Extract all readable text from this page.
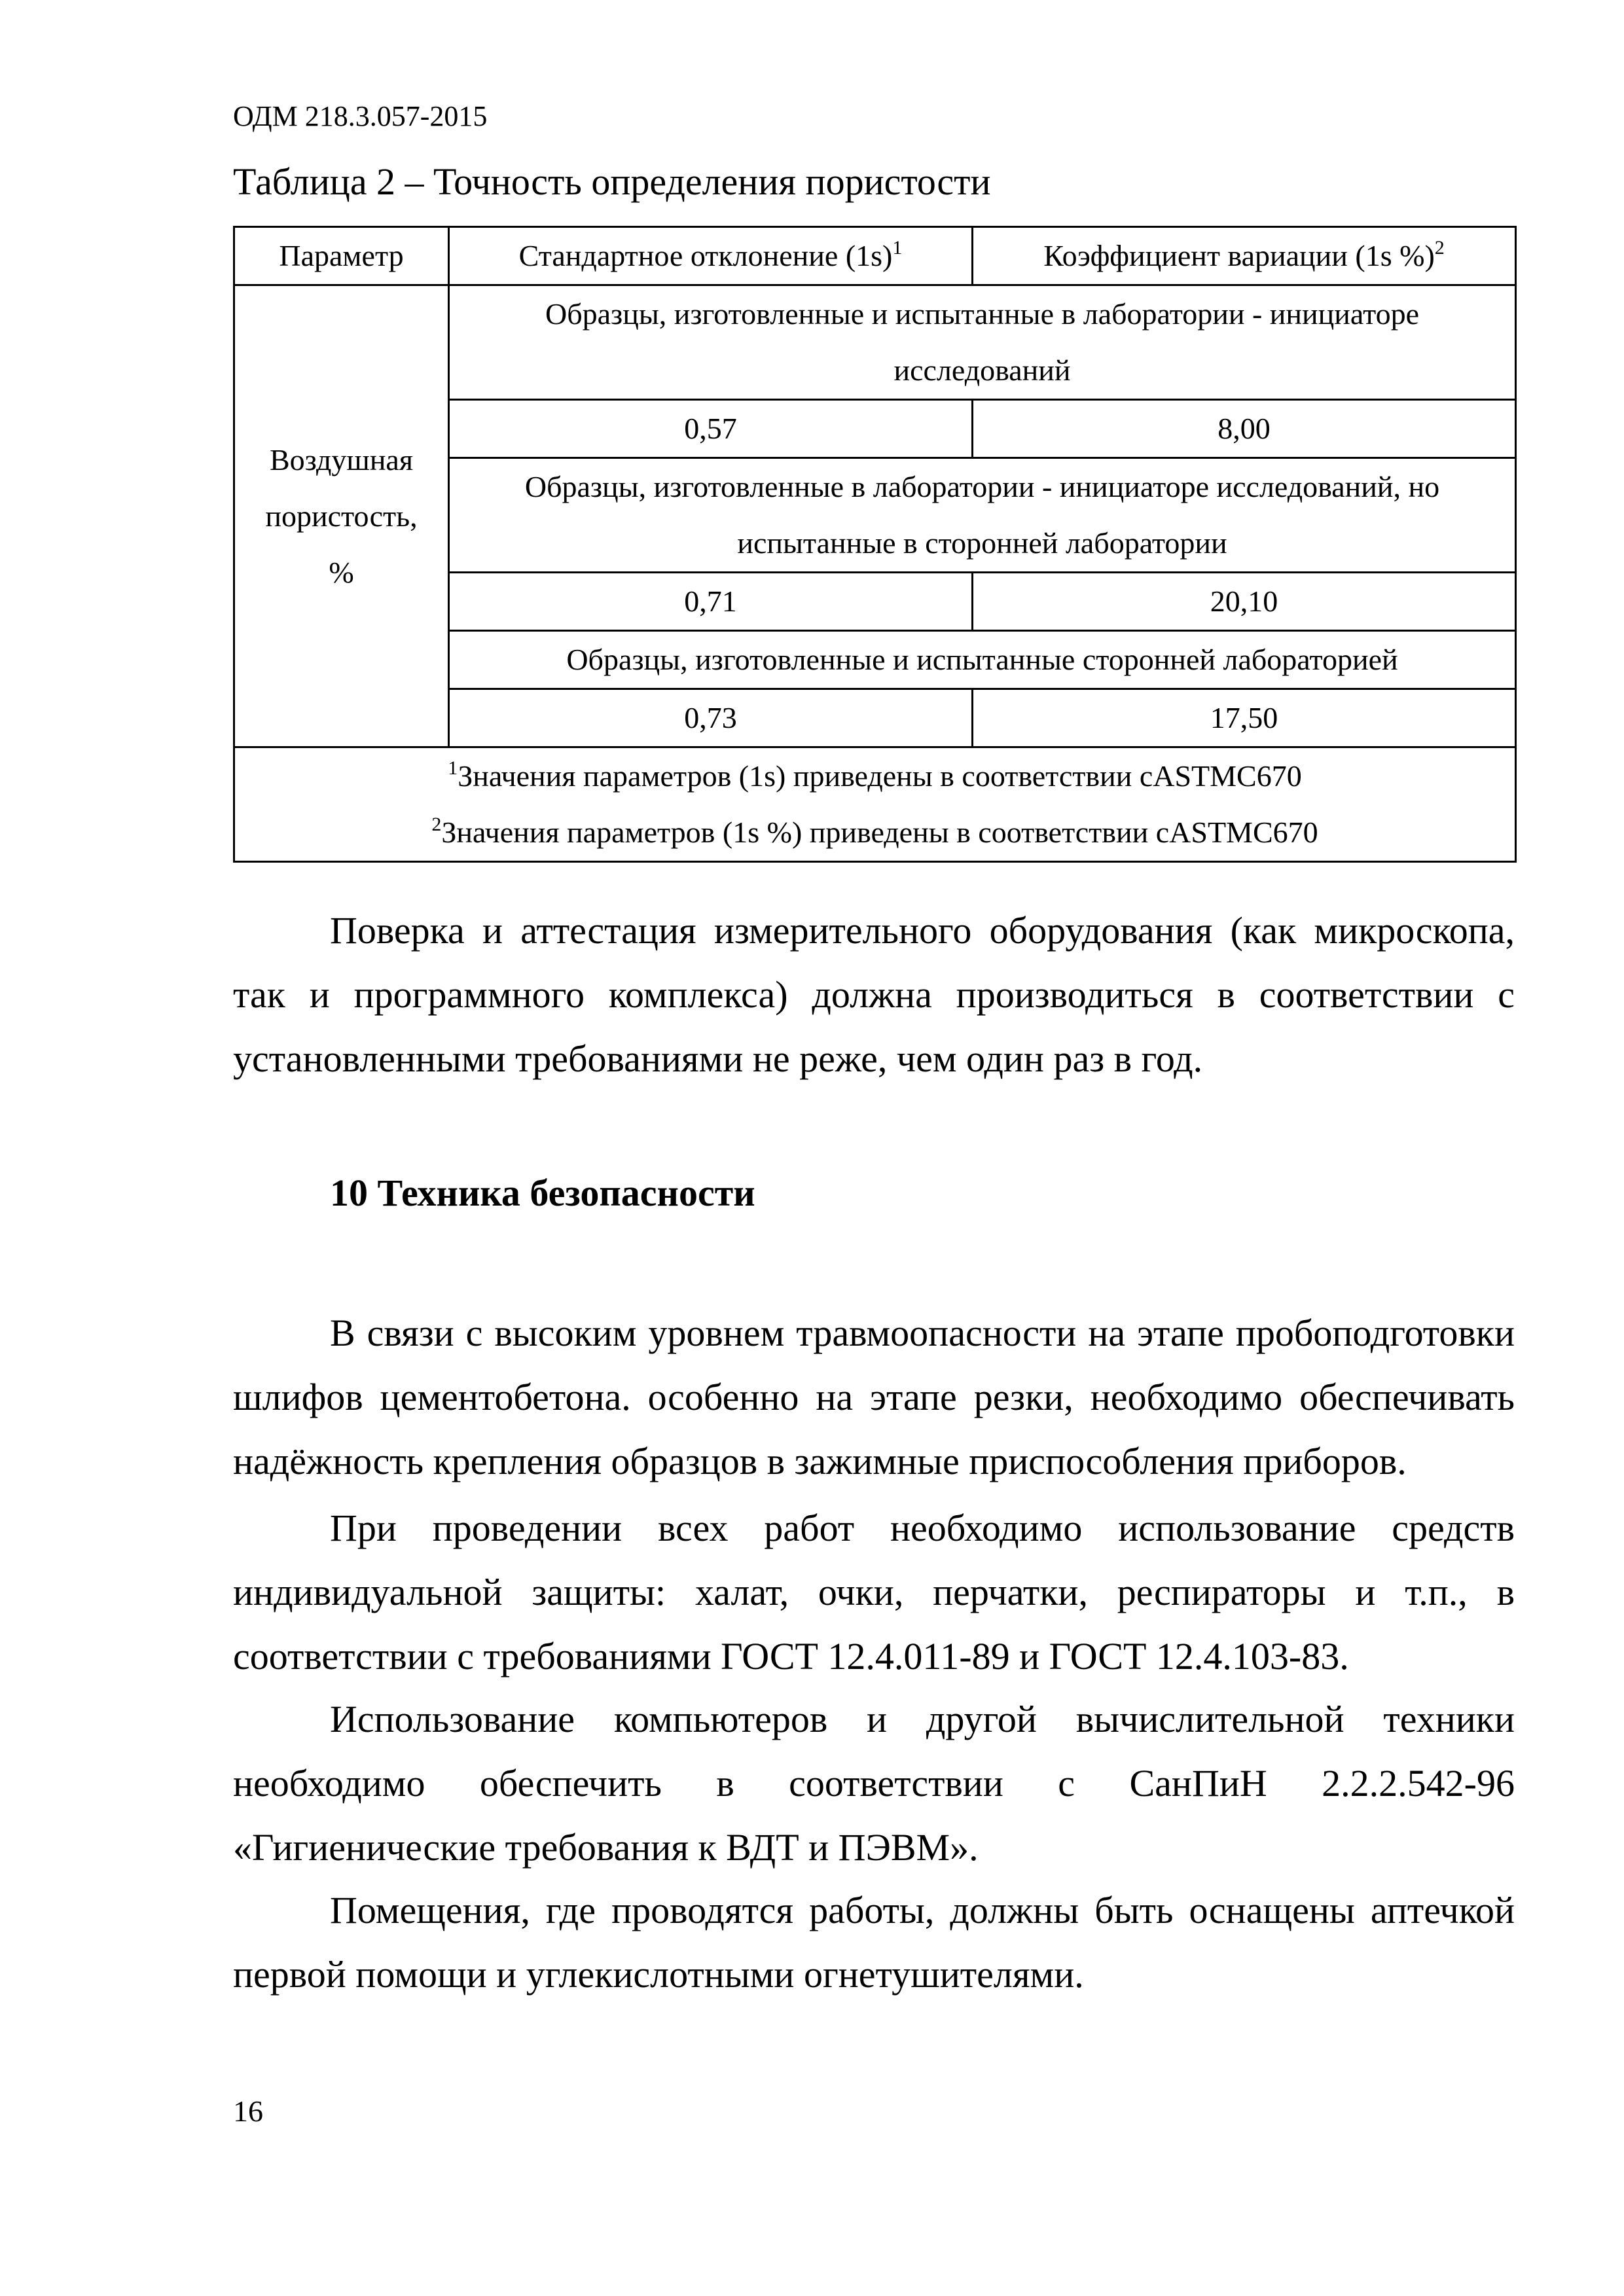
ОДМ 218.3.057-2015
Таблица 2 – Точность определения пористости
Параметр	Стандартное отклонение $(1s)^1$	Коэффициент вариации (1s %)$^2$

Воздушная
пористость,
%	Образцы, изготовленные и испытанные в лаборатории - инициаторе исследований	
	0,57	8,00
	Образцы, изготовленные в лаборатории - инициаторе исследований, но испытанные в сторонней лаборатории	
	0,71	20,10
	Образцы, изготовленные и испытанные сторонней лабораторией	
	0,73	17,50

$^1$Значения параметров (1s) приведены в соответствии сASTMC670
$^2$Значения параметров (1s %) приведены в соответствии сASTMC670		

Поверка и аттестация измерительного оборудования (как микроскопа, так и программного комплекса) должна производиться в соответствии с установленными требованиями не реже, чем один раз в год.

10 Техника безопасности

В связи с высоким уровнем травмоопасности на этапе пробоподготовки шлифов цементобетона. особенно на этапе резки, необходимо обеспечивать надёжность крепления образцов в зажимные приспособления приборов.

При проведении всех работ необходимо использование средств индивидуальной защиты: халат, очки, перчатки, респираторы и т.п., в соответствии с требованиями ГОСТ 12.4.011-89 и ГОСТ 12.4.103-83.

Использование компьютеров и другой вычислительной техники необходимо обеспечить в соответствии с СанПиН 2.2.2.542-96 «Гигиенические требования к ВДТ и ПЭВМ».

Помещения, где проводятся работы, должны быть оснащены аптечкой первой помощи и углекислотными огнетушителями.

16
